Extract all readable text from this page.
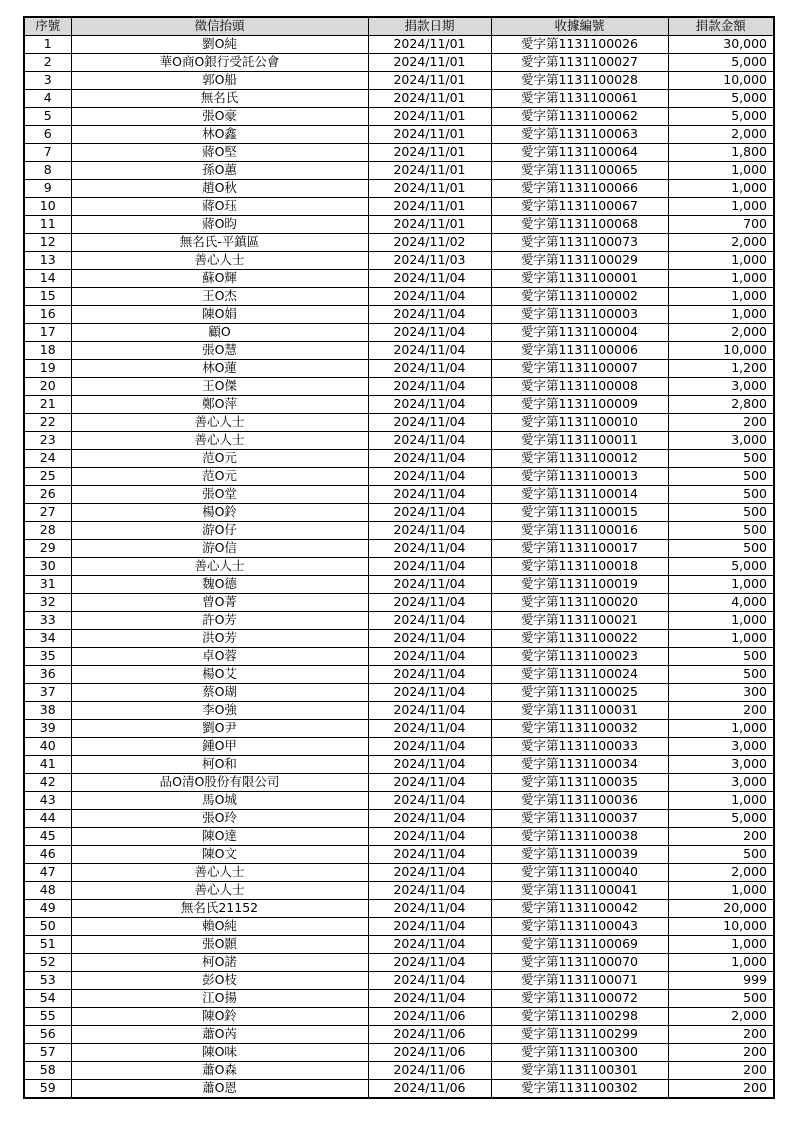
序號	徵信抬頭	捐款日期	收據編號	捐款金額
1	劉O純	2024/11/01	愛字第1131100026	30,000
2	華O商O銀行受託公會	2024/11/01	愛字第1131100027	5,000
3	郭O船	2024/11/01	愛字第1131100028	10,000
4	無名氏	2024/11/01	愛字第1131100061	5,000
5	張O豪	2024/11/01	愛字第1131100062	5,000
6	林O鑫	2024/11/01	愛字第1131100063	2,000
7	蔣O堅	2024/11/01	愛字第1131100064	1,800
8	孫O蕙	2024/11/01	愛字第1131100065	1,000
9	趙O秋	2024/11/01	愛字第1131100066	1,000
10	蔣O珏	2024/11/01	愛字第1131100067	1,000
11	蔣O昀	2024/11/01	愛字第1131100068	700
12	無名氏-平鎮區	2024/11/02	愛字第1131100073	2,000
13	善心人士	2024/11/03	愛字第1131100029	1,000
14	蘇O輝	2024/11/04	愛字第1131100001	1,000
15	王O杰	2024/11/04	愛字第1131100002	1,000
16	陳O娟	2024/11/04	愛字第1131100003	1,000
17	顧O	2024/11/04	愛字第1131100004	2,000
18	張O慧	2024/11/04	愛字第1131100006	10,000
19	林O蓮	2024/11/04	愛字第1131100007	1,200
20	王O傑	2024/11/04	愛字第1131100008	3,000
21	鄭O萍	2024/11/04	愛字第1131100009	2,800
22	善心人士	2024/11/04	愛字第1131100010	200
23	善心人士	2024/11/04	愛字第1131100011	3,000
24	范O元	2024/11/04	愛字第1131100012	500
25	范O元	2024/11/04	愛字第1131100013	500
26	張O堂	2024/11/04	愛字第1131100014	500
27	楊O鈴	2024/11/04	愛字第1131100015	500
28	游O仔	2024/11/04	愛字第1131100016	500
29	游O信	2024/11/04	愛字第1131100017	500
30	善心人士	2024/11/04	愛字第1131100018	5,000
31	魏O德	2024/11/04	愛字第1131100019	1,000
32	曾O菁	2024/11/04	愛字第1131100020	4,000
33	許O芳	2024/11/04	愛字第1131100021	1,000
34	洪O芳	2024/11/04	愛字第1131100022	1,000
35	卓O蓉	2024/11/04	愛字第1131100023	500
36	楊O艾	2024/11/04	愛字第1131100024	500
37	蔡O瑚	2024/11/04	愛字第1131100025	300
38	李O強	2024/11/04	愛字第1131100031	200
39	劉O尹	2024/11/04	愛字第1131100032	1,000
40	鍾O甲	2024/11/04	愛字第1131100033	3,000
41	柯O和	2024/11/04	愛字第1131100034	3,000
42	品O清O股份有限公司	2024/11/04	愛字第1131100035	3,000
43	馬O城	2024/11/04	愛字第1131100036	1,000
44	張O玲	2024/11/04	愛字第1131100037	5,000
45	陳O達	2024/11/04	愛字第1131100038	200
46	陳O文	2024/11/04	愛字第1131100039	500
47	善心人士	2024/11/04	愛字第1131100040	2,000
48	善心人士	2024/11/04	愛字第1131100041	1,000
49	無名氏21152	2024/11/04	愛字第1131100042	20,000
50	賴O純	2024/11/04	愛字第1131100043	10,000
51	張O顥	2024/11/04	愛字第1131100069	1,000
52	柯O諾	2024/11/04	愛字第1131100070	1,000
53	彭O枝	2024/11/04	愛字第1131100071	999
54	江O揚	2024/11/04	愛字第1131100072	500
55	陳O鈴	2024/11/06	愛字第1131100298	2,000
56	蕭O芮	2024/11/06	愛字第1131100299	200
57	陳O味	2024/11/06	愛字第1131100300	200
58	蕭O森	2024/11/06	愛字第1131100301	200
59	蕭O恩	2024/11/06	愛字第1131100302	200
